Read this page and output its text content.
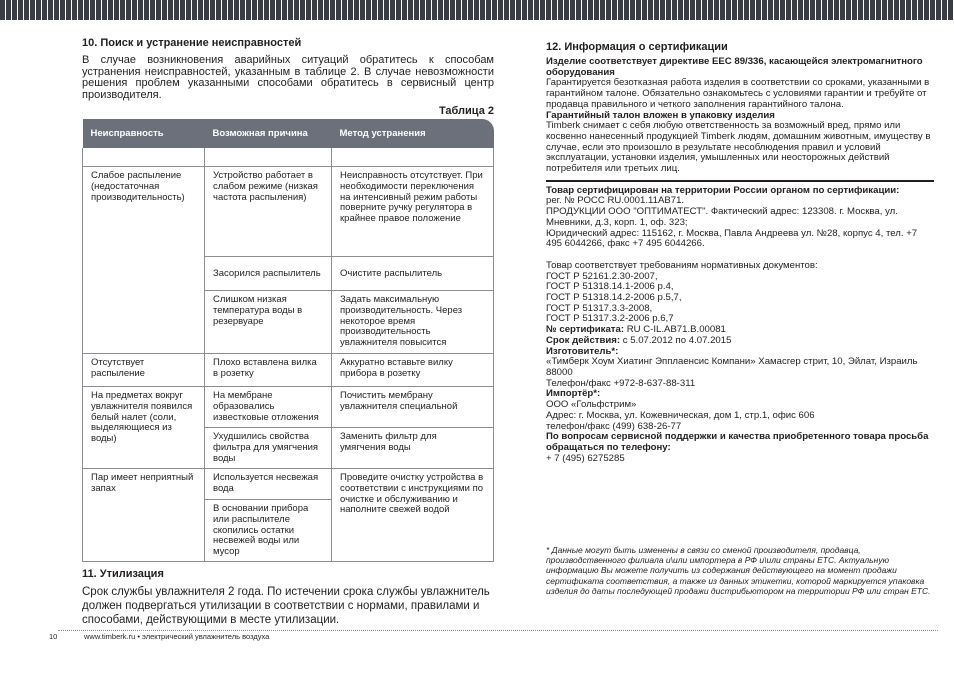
10. Поиск и устранение неисправностей

В случае возникновения аварийных ситуаций обратитесь к способам устранения неисправностей, указанным в таблице 2. В случае невозможности решения проблем указанными способами обратитесь в сервисный центр производителя.

Таблица 2
Неисправность	Возможная причина	Метод устранения

Слабое распыление (недостаточная производительность)	Устройство работает в слабом режиме (низкая частота распыления)	Неисправность отсутствует. При необходимости переключения на интенсивный режим работы поверните ручку регулятора в крайнее правое положение
	Засорился распылитель	Очистите распылитель
	Слишком низкая температура воды в резервуаре	Задать максимальную производительность. Через некоторое время производительность увлажнителя повысится
Отсутствует распыление	Плохо вставлена вилка в розетку	Аккуратно вставьте вилку прибора в розетку
На предметах вокруг увлажнителя появился белый налет (соли, выделяющиеся из воды)	На мембране образовались известковые отложения	Почистить мембрану увлажнителя специальной
	Ухудшились свойства фильтра для умягчения воды	Заменить фильтр для умягчения воды
Пар имеет неприятный запах	Используется несвежая вода	Проведите очистку устройства в соответствии с инструкциями по очистке и обслуживанию и наполните свежей водой
	В основании прибора или распылителе скопились остатки несвежей воды или мусор	
11. Утилизация

Срок службы увлажнителя 2 года. По истечении срока службы увлажнитель должен подвергаться утилизации в соответствии с нормами, правилами и способами, действующими в месте утилизации.

12. Информация о сертификации

Изделие соответствует директиве EEC 89/336, касающейся электромагнитного оборудования

Гарантируется безотказная работа изделия в соответствии со сроками, указанными в гарантийном талоне. Обязательно ознакомьтесь с условиями гарантии и требуйте от продавца правильного и четкого заполнения гарантийного талона.

Гарантийный талон вложен в упаковку изделия

Timberk снимает с себя любую ответственность за возможный вред, прямо или косвенно нанесенный продукцией Timberk людям, домашним животным, имуществу в случае, если это произошло в результате несоблюдения правил и условий эксплуатации, установки изделия, умышленных или неосторожных действий потребителя или третьих лиц.

Товар сертифицирован на территории России органом по сертификации:

рег. № РОСС RU.0001.11АВ71.

ПРОДУКЦИИ ООО "ОПТИМАТЕСТ". Фактический адрес: 123308. г. Москва, ул. Мневники, д.3, корп. 1, оф. 323;

Юридический адрес: 115162, г. Москва, Павла Андреева ул. №28, корпус 4, тел. +7 495 6044266, факс +7 495 6044266.

Товар соответствует требованиям нормативных документов:

ГОСТ Р 52161.2.30-2007,

ГОСТ Р 51318.14.1-2006 р.4,

ГОСТ Р 51318.14.2-2006 р.5,7,

ГОСТ Р 51317.3.3-2008,

ГОСТ Р 51317.3.2-2006 р.6,7

№ сертификата: RU C-IL.AB71.B.00081

Срок действия: с 5.07.2012 по 4.07.2015

Изготовитель*:

«Тимберк Хоум Хиатинг Эпплаенсис Компани» Хамасгер стрит, 10, Эйлат, Израиль 88000

Телефон/факс +972-8-637-88-311

Импортёр*:

ООО «Гольфстрим»

Адрес: г. Москва, ул. Кожевническая, дом 1, стр.1, офис 606

телефон/факс (499) 638-26-77

По вопросам сервисной поддержки и качества приобретенного товара просьба обращаться по телефону:

+ 7 (495) 6275285

* Данные могут быть изменены в связи со сменой производителя, продавца, производственного филиала и\или импортера в РФ и\или страны ЕТС. Актуальную информацию Вы можете получить из содержания действующего на момент продажи сертификата соответствия, а также из данных этикетки, которой маркируется упаковка изделия до даты последующей продажи дистрибьютором на территории РФ или стран ЕТС.

10	www.timberk.ru • электрический увлажнитель воздуха
